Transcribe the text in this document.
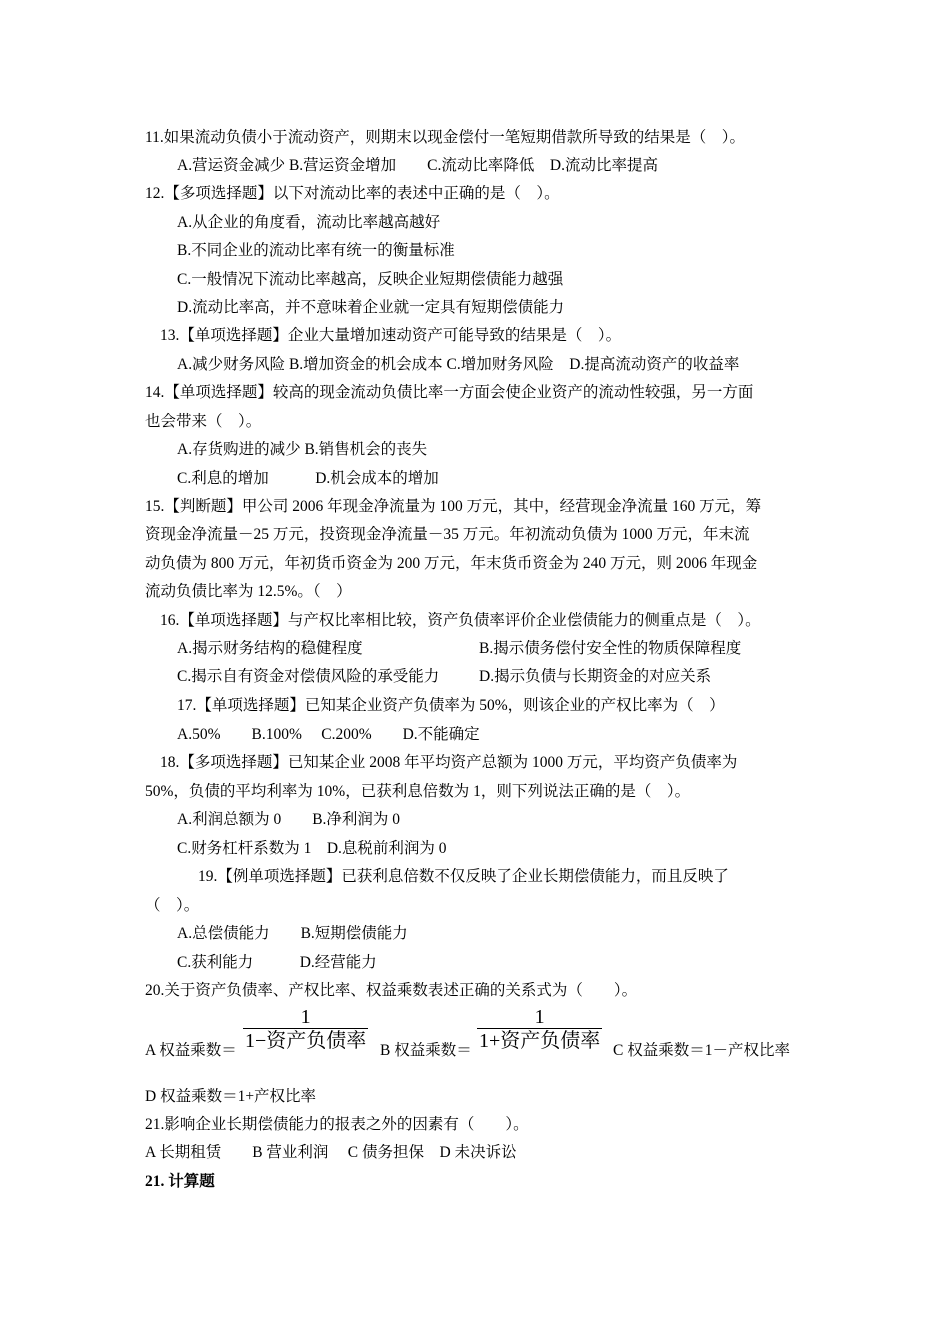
11.如果流动负债小于流动资产，则期末以现金偿付一笔短期借款所导致的结果是（　）。
A.营运资金减少 B.营运资金增加　　C.流动比率降低　D.流动比率提高
12.【多项选择题】以下对流动比率的表述中正确的是（　）。
A.从企业的角度看，流动比率越高越好
B.不同企业的流动比率有统一的衡量标准
C.一般情况下流动比率越高，反映企业短期偿债能力越强
D.流动比率高，并不意味着企业就一定具有短期偿债能力
13.【单项选择题】企业大量增加速动资产可能导致的结果是（　）。
A.减少财务风险 B.增加资金的机会成本 C.增加财务风险　D.提高流动资产的收益率
14.【单项选择题】较高的现金流动负债比率一方面会使企业资产的流动性较强，另一方面
也会带来（　）。
A.存货购进的减少 B.销售机会的丧失
C.利息的增加　　　D.机会成本的增加
15.【判断题】甲公司 2006 年现金净流量为 100 万元，其中，经营现金净流量 160 万元，筹
资现金净流量－25 万元，投资现金净流量－35 万元。年初流动负债为 1000 万元，年末流
动负债为 800 万元，年初货币资金为 200 万元，年末货币资金为 240 万元，则 2006 年现金
流动负债比率为 12.5%。（　）
16.【单项选择题】与产权比率相比较，资产负债率评价企业偿债能力的侧重点是（　）。
A.揭示财务结构的稳健程度	B.揭示债务偿付安全性的物质保障程度
C.揭示自有资金对偿债风险的承受能力	D.揭示负债与长期资金的对应关系
17.【单项选择题】已知某企业资产负债率为 50%，则该企业的产权比率为（　）
A.50%　　B.100%　 C.200%　　D.不能确定
18.【多项选择题】已知某企业 2008 年平均资产总额为 1000 万元，平均资产负债率为
50%，负债的平均利率为 10%，已获利息倍数为 1，则下列说法正确的是（　）。
A.利润总额为 0　　B.净利润为 0
C.财务杠杆系数为 1　D.息税前利润为 0
19.【例单项选择题】已获利息倍数不仅反映了企业长期偿债能力，而且反映了
（　）。
A.总偿债能力　　B.短期偿债能力
C.获利能力　　　D.经营能力
20.关于资产负债率、产权比率、权益乘数表述正确的关系式为（　　）。
A 权益乘数＝
1
1−资产负债率 B 权益乘数＝
1
1+资产负债率 C 权益乘数＝1－产权比率
D 权益乘数＝1+产权比率
21.影响企业长期偿债能力的报表之外的因素有（　　）。
A 长期租赁　　B 营业利润　 C 债务担保　D 未决诉讼
21. 计算题
